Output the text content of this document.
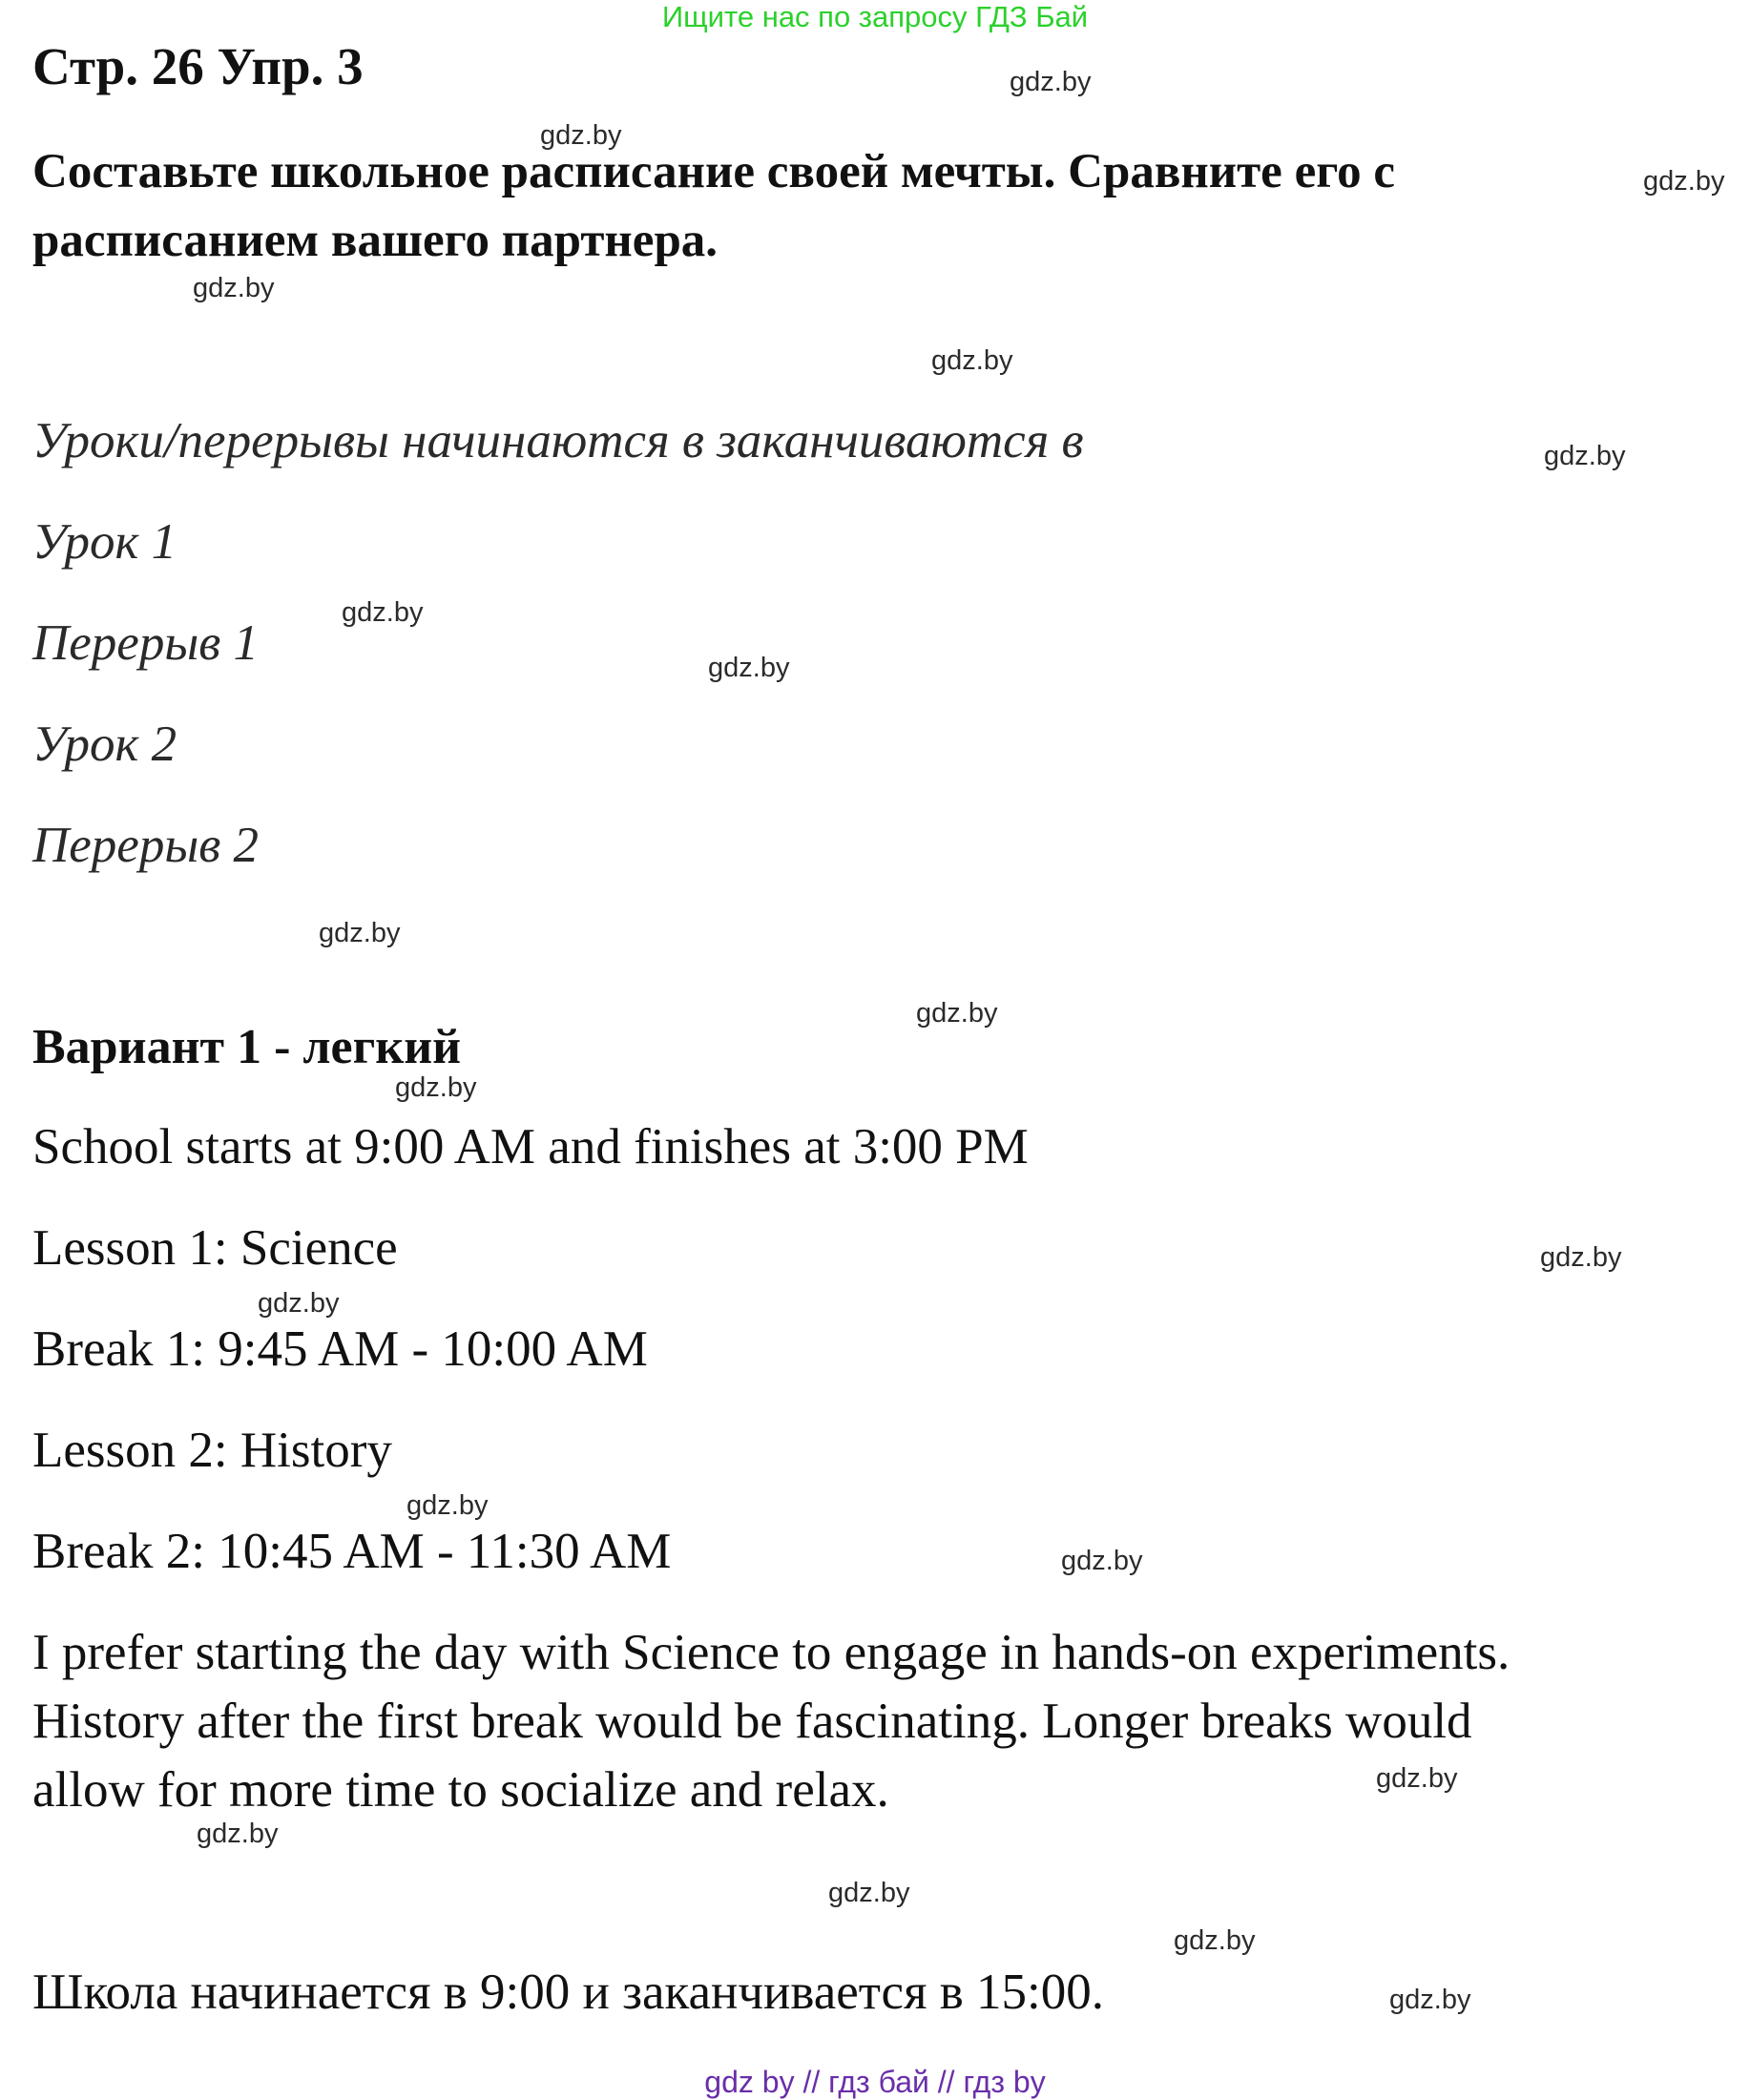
Ищите нас по запросу ГДЗ Бай
Стр. 26 Упр. 3
Составьте школьное расписание своей мечты. Сравните его с
расписанием вашего партнера.
Уроки/перерывы начинаются в заканчиваются в
Урок 1
Перерыв 1
Урок 2
Перерыв 2
Вариант 1 - легкий
School starts at 9:00 AM and finishes at 3:00 PM
Lesson 1: Science
Break 1: 9:45 AM - 10:00 AM
Lesson 2: History
Break 2: 10:45 AM - 11:30 AM
I prefer starting the day with Science to engage in hands-on experiments.
History after the first break would be fascinating. Longer breaks would
allow for more time to socialize and relax.
Школа начинается в 9:00 и заканчивается в 15:00.
gdz.by
gdz.by
gdz.by
gdz.by
gdz.by
gdz.by
gdz.by
gdz.by
gdz.by
gdz.by
gdz.by
gdz.by
gdz.by
gdz.by
gdz.by
gdz.by
gdz.by
gdz.by
gdz.by
gdz.by
gdz by // гдз бай // гдз by
